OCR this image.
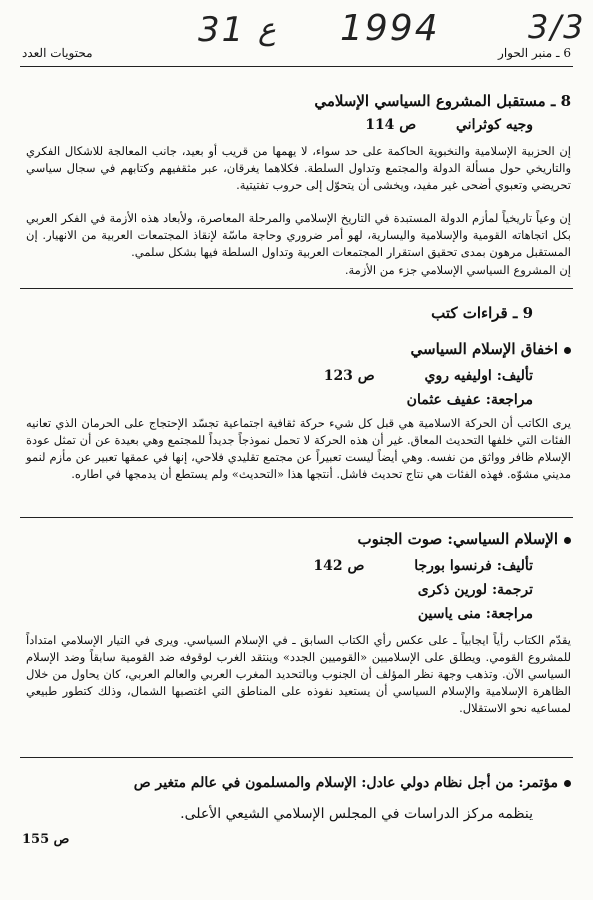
31 ع 1994	3/3
6 ـ منبر الحوار
محتويات العدد
8 ـ مستقبل المشروع السياسي الإسلامي
وجيه كوثراني  ص 114
إن الحزبية الإسلامية والنخبوية الحاكمة على حد سواء، لا يهمها من قريب أو بعيد، جانب المعالجة للاشكال الفكري والتاريخي حول مسألة الدولة والمجتمع وتداول السلطة. فكلاهما يغرقان، عبر مثقفيهم وكتابهم في سجال سياسي تحريضي وتعبوي أضحى غير مفيد، ويخشى أن يتحوّل إلى حروب تفتيتية.
إن وعياً تاريخياً لمأزم الدولة المستبدة في التاريخ الإسلامي والمرحلة المعاصرة، ولأبعاد هذه الأزمة في الفكر العربي بكل اتجاهاته القومية والإسلامية واليسارية، لهو أمر ضروري وحاجة ماسّة لإنقاذ المجتمعات العربية من الانهيار. إن المستقبل مرهون بمدى تحقيق استقرار المجتمعات العربية وتداول السلطة فيها بشكل سلمي.
إن المشروع السياسي الإسلامي جزء من الأزمة.
9 ـ قراءات كتب
اخفاق الإسلام السياسي
تأليف: اوليفيه روي  ص 123
مراجعة: عفيف عثمان
يرى الكاتب أن الحركة الاسلامية هي قبل كل شيء حركة ثقافية اجتماعية تجسّد الإحتجاج على الحرمان الذي تعانيه الفئات التي خلفها التحديث المعاق. غير أن هذه الحركة لا تحمل نموذجاً جديداً للمجتمع وهي بعيدة عن أن تمثل عودة الإسلام ظافر وواثق من نفسه. وهي أيضاً ليست تعبيراً عن مجتمع تقليدي فلاحي، إنها في عمقها تعبير عن مأزم لنمو مديني مشوّه. فهذه الفئات هي نتاج تحديث فاشل. أنتجها هذا «التحديث» ولم يستطع أن يدمجها في اطاره.
الإسلام السياسي: صوت الجنوب
تأليف: فرنسوا بورجا  ص 142
ترجمة: لورين ذكرى
مراجعة: منى ياسين
يقدّم الكتاب رأياً ايجابياً ـ على عكس رأي الكتاب السابق ـ في الإسلام السياسي. ويرى في التيار الإسلامي امتداداً للمشروع القومي. ويطلق على الإسلاميين «القوميين الجدد» وينتقد الغرب لوقوفه ضد القومية سابقاً وضد الإسلام السياسي الآن. وتذهب وجهة نظر المؤلف أن الجنوب وبالتحديد المغرب العربي والعالم العربي، كان يحاول من خلال الظاهرة الإسلامية والإسلام السياسي أن يستعيد نفوذه على المناطق التي اغتصبها الشمال، وذلك كتطور طبيعي لمساعيه نحو الاستقلال.
مؤتمر: من أجل نظام دولي عادل: الإسلام والمسلمون في عالم متغير ص
ينظمه مركز الدراسات في المجلس الإسلامي الشيعي الأعلى.
ص 155
